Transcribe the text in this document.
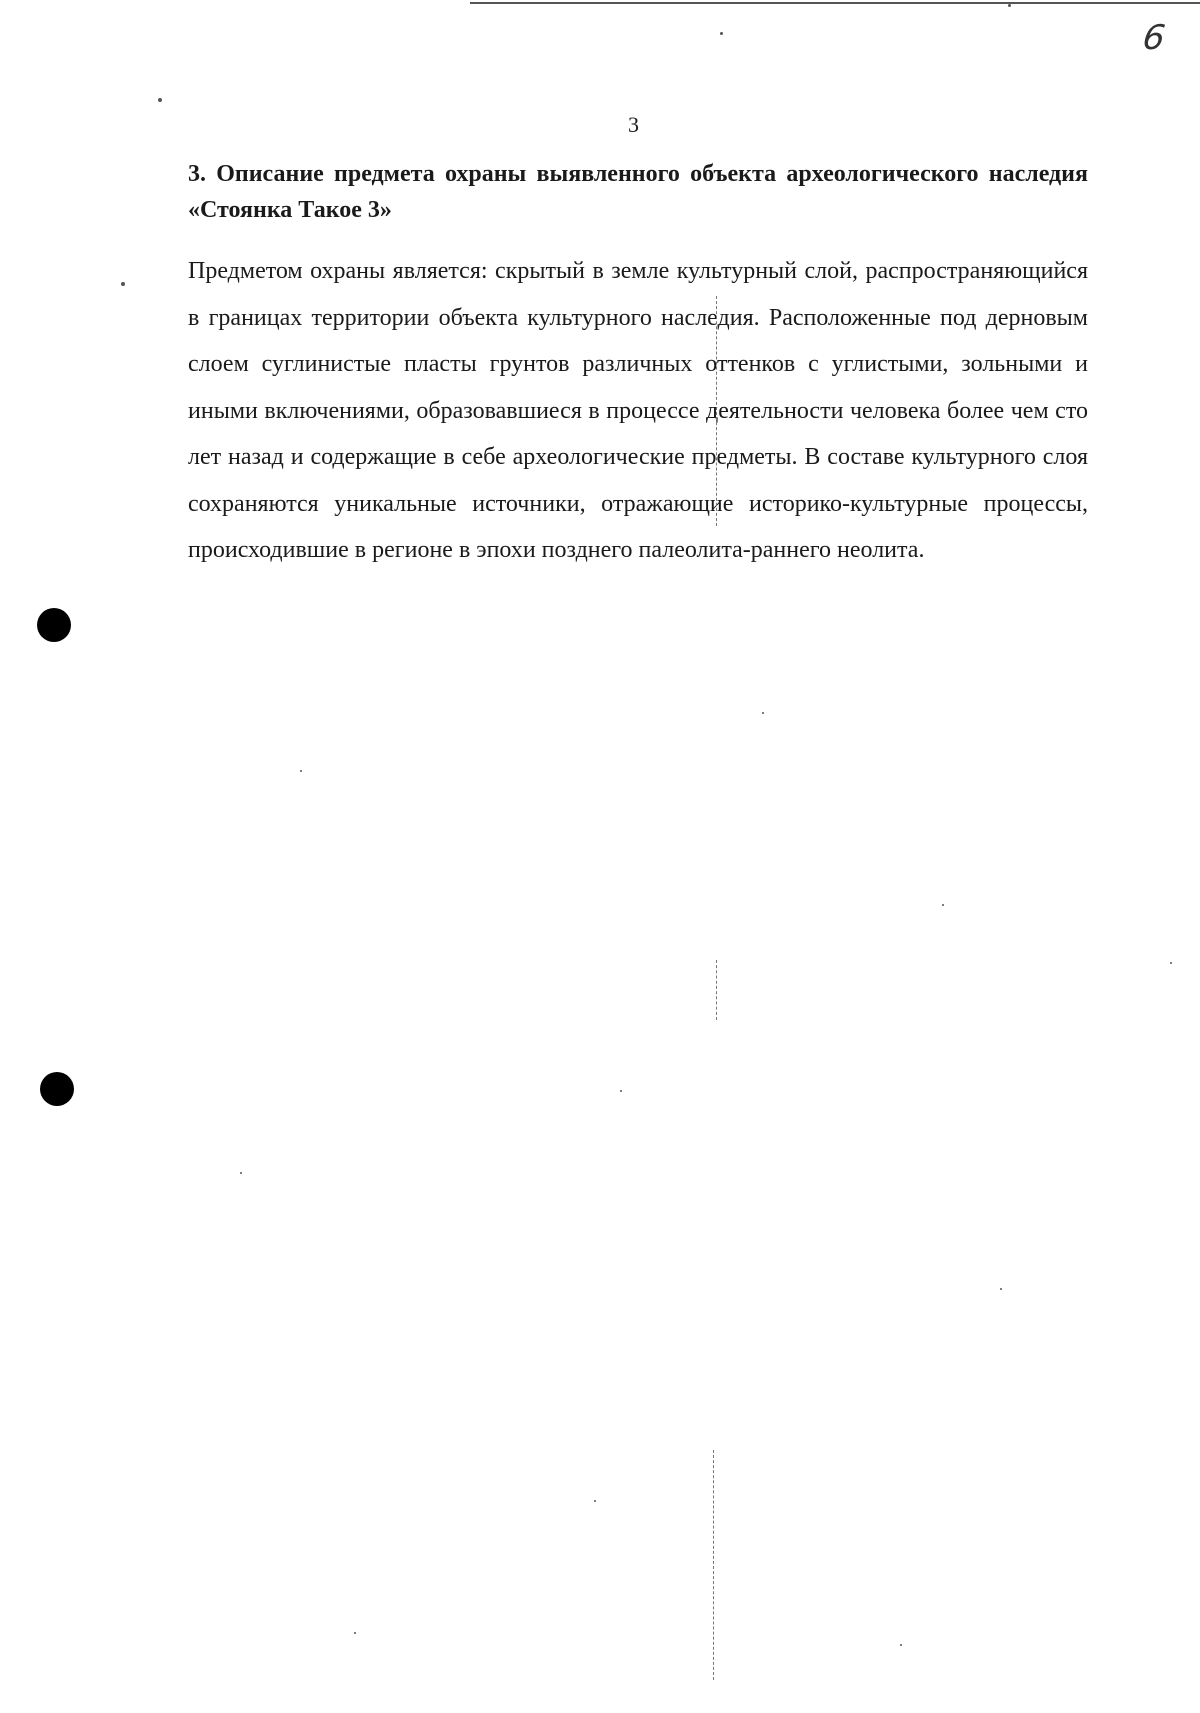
6
3
3. Описание предмета охраны выявленного объекта археологического наследия «Стоянка Такое 3»

Предметом охраны является: скрытый в земле культурный слой, распространяющийся в границах территории объекта культурного наследия. Расположенные под дерновым слоем суглинистые пласты грунтов различных оттенков с углистыми, зольными и иными включениями, образовавшиеся в процессе деятельности человека более чем сто лет назад и содержащие в себе археологические предметы. В составе культурного слоя сохраняются уникальные источники, отражающие историко-культурные процессы, происходившие в регионе в эпохи позднего палеолита-раннего неолита.
